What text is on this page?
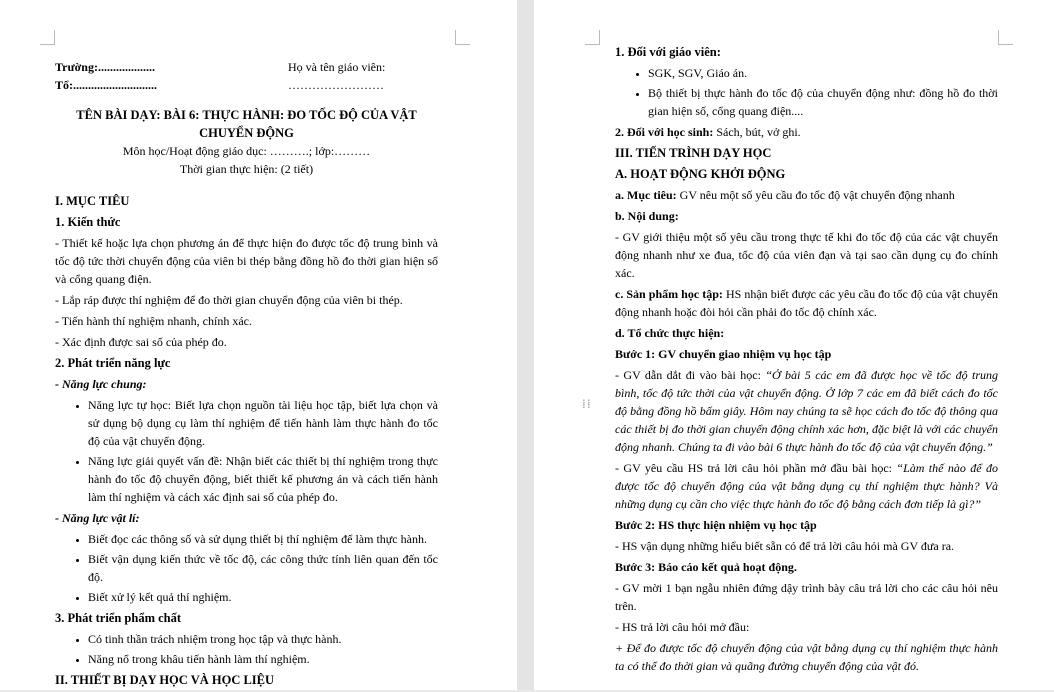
⁞⁞
Trường:...................
Tổ:............................
Họ và tên giáo viên:
……………………
TÊN BÀI DẠY: BÀI 6: THỰC HÀNH: ĐO TỐC ĐỘ CỦA VẬT CHUYỂN ĐỘNG
Môn học/Hoạt động giáo dục: ……….; lớp:………
Thời gian thực hiện: (2 tiết)
I. MỤC TIÊU
1. Kiến thức

- Thiết kế hoặc lựa chọn phương án để thực hiện đo được tốc độ trung bình và tốc độ tức thời chuyển động của viên bi thép bằng đồng hồ đo thời gian hiện số và cổng quang điện.

- Lắp ráp được thí nghiệm để đo thời gian chuyển động của viên bi thép.

- Tiến hành thí nghiệm nhanh, chính xác.

- Xác định được sai số của phép đo.

2. Phát triển năng lực

- Năng lực chung:

• Năng lực tự học: Biết lựa chọn nguồn tài liệu học tập, biết lựa chọn và sử dụng bộ dụng cụ làm thí nghiệm để tiến hành làm thực hành đo tốc độ của vật chuyển động.
• Năng lực giải quyết vấn đề: Nhận biết các thiết bị thí nghiệm trong thực hành đo tốc độ chuyển động, biết thiết kế phương án và cách tiến hành làm thí nghiệm và cách xác định sai số của phép đo.

- Năng lực vật lí:

• Biết đọc các thông số và sử dụng thiết bị thí nghiệm để làm thực hành.
• Biết vận dụng kiến thức về tốc độ, các công thức tính liên quan đến tốc độ.
• Biết xử lý kết quả thí nghiệm.
3. Phát triển phẩm chất
• Có tinh thần trách nhiệm trong học tập và thực hành.
• Năng nổ trong khâu tiến hành làm thí nghiệm.
II. THIẾT BỊ DẠY HỌC VÀ HỌC LIỆU
1. Đối với giáo viên:
• SGK, SGV, Giáo án.
• Bộ thiết bị thực hành đo tốc độ của chuyển động như: đồng hồ đo thời gian hiện số, cổng quang điện....

2. Đối với học sinh: Sách, bút, vở ghi.

III. TIẾN TRÌNH DẠY HỌC
A. HOẠT ĐỘNG KHỞI ĐỘNG

a. Mục tiêu: GV nêu một số yêu cầu đo tốc độ vật chuyển động nhanh

b. Nội dung:

- GV giới thiệu một số yêu cầu trong thực tế khi đo tốc độ của các vật chuyển động nhanh như xe đua, tốc độ của viên đạn và tại sao cần dụng cụ đo chính xác.

c. Sản phẩm học tập: HS nhận biết được các yêu cầu đo tốc độ của vật chuyển động nhanh hoặc đòi hỏi cần phải đo tốc độ chính xác.

d. Tổ chức thực hiện:

Bước 1: GV chuyển giao nhiệm vụ học tập

- GV dẫn dắt đi vào bài học: “Ở bài 5 các em đã được học về tốc độ trung bình, tốc độ tức thời của vật chuyển động. Ở lớp 7 các em đã biết cách đo tốc độ bằng đồng hồ bấm giây. Hôm nay chúng ta sẽ học cách đo tốc độ thông qua các thiết bị đo thời gian chuyển động chính xác hơn, đặc biệt là với các chuyển động nhanh. Chúng ta đi vào bài 6 thực hành đo tốc độ của vật chuyển động.”

- GV yêu cầu HS trả lời câu hỏi phần mở đầu bài học: “Làm thế nào để đo được tốc độ chuyển động của vật bằng dụng cụ thí nghiệm thực hành? Và những dụng cụ cần cho việc thực hành đo tốc độ bằng cách đơn tiếp là gì?”

Bước 2: HS thực hiện nhiệm vụ học tập

- HS vận dụng những hiểu biết sẵn có để trả lời câu hỏi mà GV đưa ra.

Bước 3: Báo cáo kết quả hoạt động.

- GV mời 1 bạn ngẫu nhiên đứng dậy trình bày câu trả lời cho các câu hỏi nêu trên.

- HS trả lời câu hỏi mở đầu:

+ Để đo được tốc độ chuyển động của vật bằng dụng cụ thí nghiệm thực hành ta có thể đo thời gian và quãng đường chuyển động của vật đó.
